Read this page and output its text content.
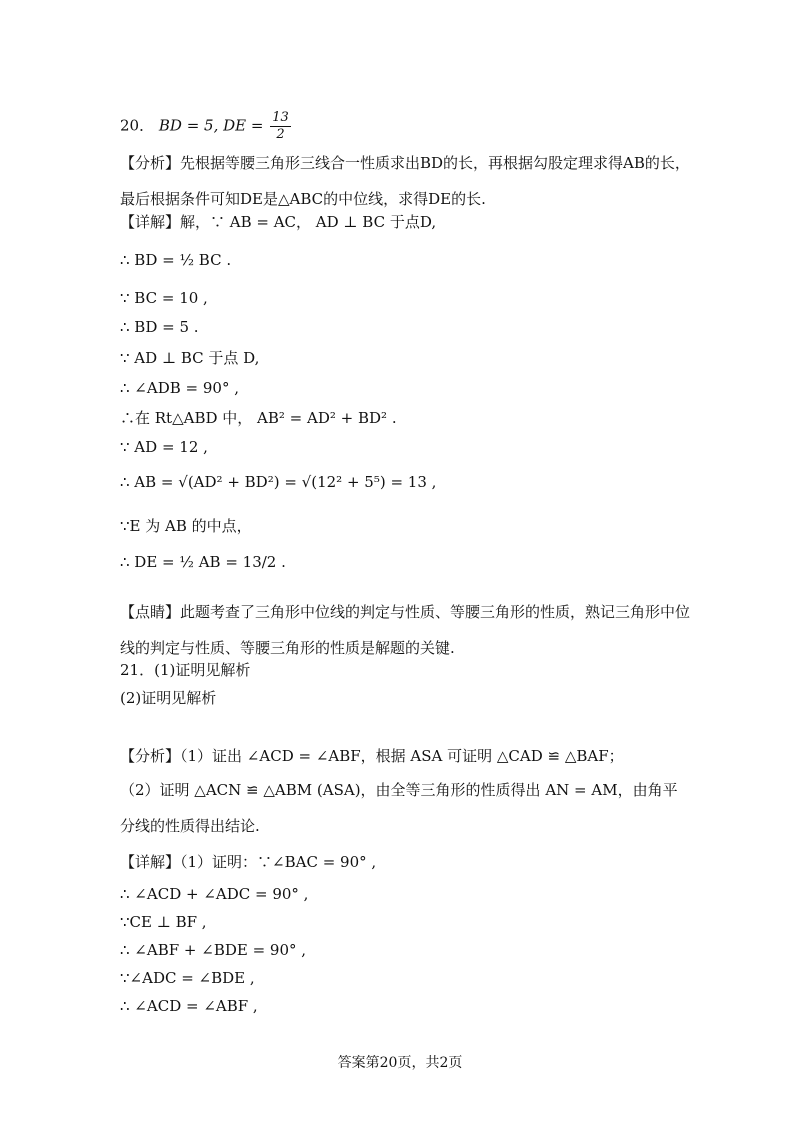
20． BD = 5, DE = $\frac{13}{2}$
【分析】先根据等腰三角形三线合一性质求出BD的长，再根据勾股定理求得AB的长，最后根据条件可知DE是△ABC的中位线，求得DE的长.
【详解】解，∵ AB = AC， AD ⊥ BC 于点D,
∴ BD = ½ BC .
∵ BC = 10 ,
∴ BD = 5 .
∵ AD ⊥ BC 于点 D,
∴ ∠ADB = 90° ,
∴在 Rt△ABD 中， AB² = AD² + BD² .
∵ AD = 12 ,
∴ AB = √(AD² + BD²) = √(12² + 5⁵) = 13 ,
∵E 为 AB 的中点，
∴ DE = ½ AB = 13/2 .
【点睛】此题考查了三角形中位线的判定与性质、等腰三角形的性质，熟记三角形中位线的判定与性质、等腰三角形的性质是解题的关键.
21．(1)证明见解析
(2)证明见解析
【分析】（1）证出 ∠ACD = ∠ABF，根据 ASA 可证明 △CAD ≌ △BAF；
（2）证明 △ACN ≌ △ABM (ASA)，由全等三角形的性质得出 AN = AM，由角平分线的性质得出结论.
【详解】（1）证明：∵∠BAC = 90° ,
∴ ∠ACD + ∠ADC = 90° ,
∵CE ⊥ BF ,
∴ ∠ABF + ∠BDE = 90° ,
∵∠ADC = ∠BDE ,
∴ ∠ACD = ∠ABF ,
答案第20页，共2页
